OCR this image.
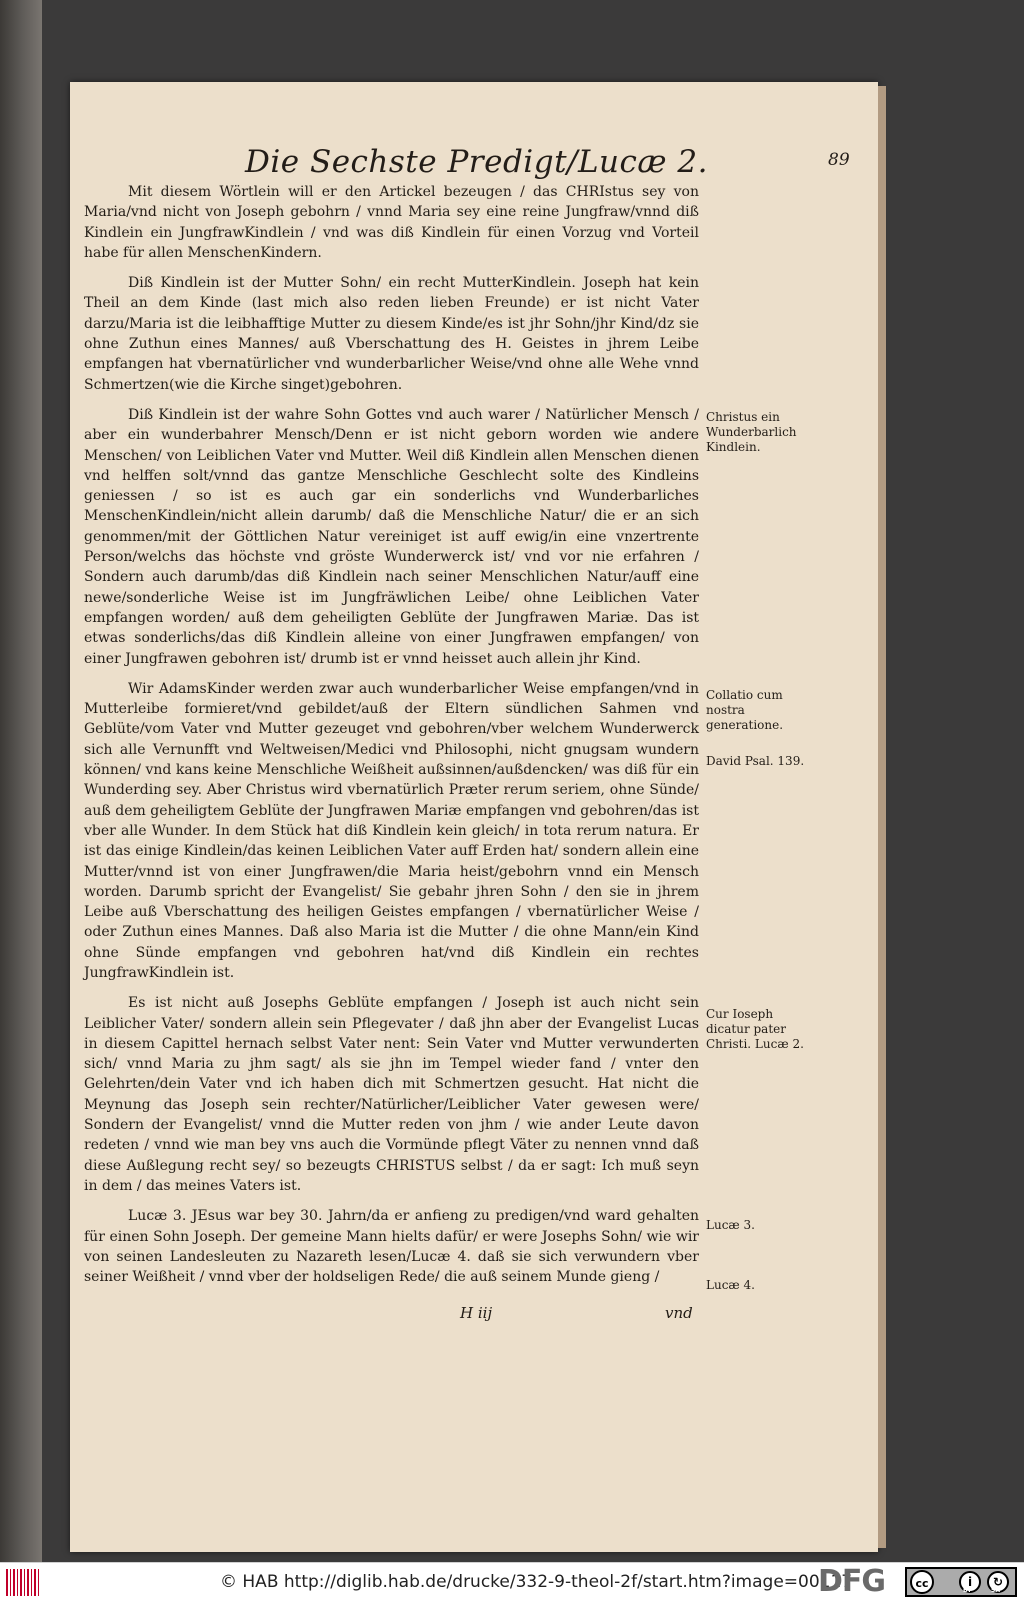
Die Sechste Predigt/Lucæ 2.	89

Mit diesem Wörtlein will er den Artickel bezeugen / das CHRIstus sey von Maria/vnd nicht von Joseph gebohrn / vnnd Maria sey eine reine Jungfraw/vnnd diß Kindlein ein JungfrawKindlein / vnd was diß Kindlein für einen Vorzug vnd Vorteil habe für allen MenschenKindern.

Diß Kindlein ist der Mutter Sohn/ ein recht MutterKindlein. Joseph hat kein Theil an dem Kinde (last mich also reden lieben Freunde) er ist nicht Vater darzu/Maria ist die leibhafftige Mutter zu diesem Kinde/es ist jhr Sohn/jhr Kind/dz sie ohne Zuthun eines Mannes/ auß Vberschattung des H. Geistes in jhrem Leibe empfangen hat vbernatürlicher vnd wunderbarlicher Weise/vnd ohne alle Wehe vnnd Schmertzen(wie die Kirche singet)gebohren.

Diß Kindlein ist der wahre Sohn Gottes vnd auch warer / Natürlicher Mensch / aber ein wunderbahrer Mensch/Denn er ist nicht geborn worden wie andere Menschen/ von Leiblichen Vater vnd Mutter. Weil diß Kindlein allen Menschen dienen vnd helffen solt/vnnd das gantze Menschliche Geschlecht solte des Kindleins geniessen / so ist es auch gar ein sonderlichs vnd Wunderbarliches MenschenKindlein/nicht allein darumb/ daß die Menschliche Natur/ die er an sich genommen/mit der Göttlichen Natur vereiniget ist auff ewig/in eine vnzertrente Person/welchs das höchste vnd gröste Wunderwerck ist/ vnd vor nie erfahren / Sondern auch darumb/das diß Kindlein nach seiner Menschlichen Natur/auff eine newe/sonderliche Weise ist im Jungfräwlichen Leibe/ ohne Leiblichen Vater empfangen worden/ auß dem geheiligten Geblüte der Jungfrawen Mariæ. Das ist etwas sonderlichs/das diß Kindlein alleine von einer Jungfrawen empfangen/ von einer Jungfrawen gebohren ist/ drumb ist er vnnd heisset auch allein jhr Kind.

Wir AdamsKinder werden zwar auch wunderbarlicher Weise empfangen/vnd in Mutterleibe formieret/vnd gebildet/auß der Eltern sündlichen Sahmen vnd Geblüte/vom Vater vnd Mutter gezeuget vnd gebohren/vber welchem Wunderwerck sich alle Vernunfft vnd Weltweisen/Medici vnd Philosophi, nicht gnugsam wundern können/ vnd kans keine Menschliche Weißheit außsinnen/außdencken/ was diß für ein Wunderding sey. Aber Christus wird vbernatürlich Præter rerum seriem, ohne Sünde/ auß dem geheiligtem Geblüte der Jungfrawen Mariæ empfangen vnd gebohren/das ist vber alle Wunder. In dem Stück hat diß Kindlein kein gleich/ in tota rerum natura. Er ist das einige Kindlein/das keinen Leiblichen Vater auff Erden hat/ sondern allein eine Mutter/vnnd ist von einer Jungfrawen/die Maria heist/gebohrn vnnd ein Mensch worden. Darumb spricht der Evangelist/ Sie gebahr jhren Sohn / den sie in jhrem Leibe auß Vberschattung des heiligen Geistes empfangen / vbernatürlicher Weise / oder Zuthun eines Mannes. Daß also Maria ist die Mutter / die ohne Mann/ein Kind ohne Sünde empfangen vnd gebohren hat/vnd diß Kindlein ein rechtes JungfrawKindlein ist.

Es ist nicht auß Josephs Geblüte empfangen / Joseph ist auch nicht sein Leiblicher Vater/ sondern allein sein Pflegevater / daß jhn aber der Evangelist Lucas in diesem Capittel hernach selbst Vater nent: Sein Vater vnd Mutter verwunderten sich/ vnnd Maria zu jhm sagt/ als sie jhn im Tempel wieder fand / vnter den Gelehrten/dein Vater vnd ich haben dich mit Schmertzen gesucht. Hat nicht die Meynung das Joseph sein rechter/Natürlicher/Leiblicher Vater gewesen were/ Sondern der Evangelist/ vnnd die Mutter reden von jhm / wie ander Leute davon redeten / vnnd wie man bey vns auch die Vormünde pflegt Väter zu nennen vnnd daß diese Außlegung recht sey/ so bezeugts CHRISTUS selbst / da er sagt: Ich muß seyn in dem / das meines Vaters ist.

Lucæ 3. JEsus war bey 30. Jahrn/da er anfieng zu predigen/vnd ward gehalten für einen Sohn Joseph. Der gemeine Mann hielts dafür/ er were Josephs Sohn/ wie wir von seinen Landesleuten zu Nazareth lesen/Lucæ 4. daß sie sich verwundern vber seiner Weißheit / vnnd vber der holdseligen Rede/ die auß seinem Munde gieng /

Christus ein Wunderbarlich Kindlein.
Collatio cum nostra generatione.
David Psal. 139.
Cur Ioseph dicatur pater Christi. Lucæ 2.
Lucæ 3.
Lucæ 4.
H iij	vnd
© HAB http://diglib.hab.de/drucke/332-9-theol-2f/start.htm?image=00117
DFG	cc	i	↻
BY	SA
